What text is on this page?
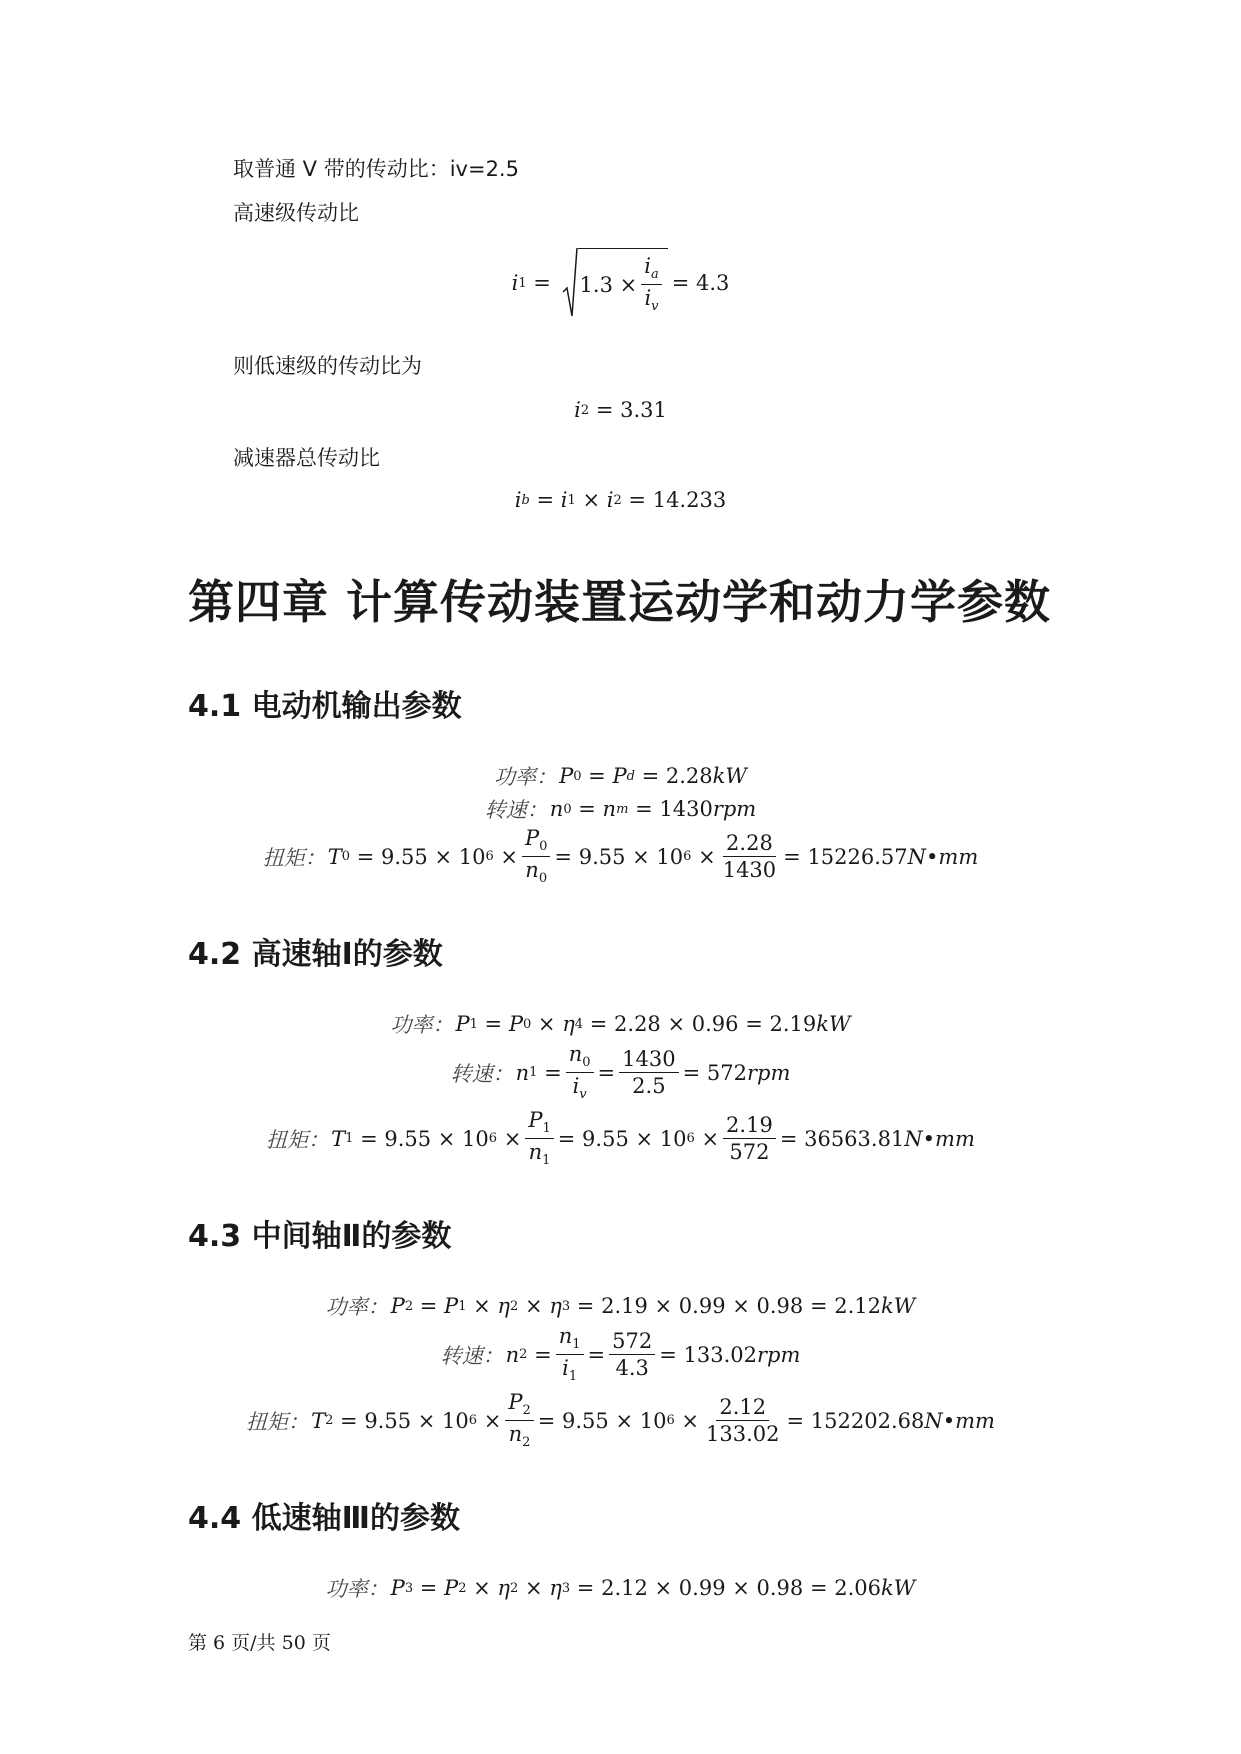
取普通 V 带的传动比：iv=2.5
高速级传动比
i $1 = 1.3 \times \frac{i_a}{i_v} = 4.3$
则低速级的传动比为
i 2 = 3.31
减速器总传动比
i b = i 1 × i 2 = 14.233
第四章 计算传动装置运动学和动力学参数
4.1 电动机输出参数
功率： P 0 = P d = 2.28 kW
转速： n 0 = n m = 1430 rpm
扭矩： T 0 = 9.55 × 10 $6 \times \frac{P_0}{n_0} = 9.55 \times 10$ $6 \times \frac{2.28}{1430} = 15226.57$ N•mm
4.2 高速轴Ⅰ的参数
功率： P 1 = P 0 × η 4 = 2.28 × 0.96 = 2.19 kW
转速： n $1 = \frac{n_0}{i_v} = \frac{1430}{2.5} = 572$ rpm
扭矩： T 1 = 9.55 × 10 $6 \times \frac{P_1}{n_1} = 9.55 \times 10$ $6 \times \frac{2.19}{572} = 36563.81$ N•mm
4.3 中间轴Ⅱ的参数
功率： P 2 = P 1 × η 2 × η 3 = 2.19 × 0.99 × 0.98 = 2.12 kW
转速： n $2 = \frac{n_1}{i_1} = \frac{572}{4.3} = 133.02$ rpm
扭矩： T 2 = 9.55 × 10 $6 \times \frac{P_2}{n_2} = 9.55 \times 10$ $6 \times \frac{2.12}{133.02} = 152202.68$ N•mm
4.4 低速轴Ⅲ的参数
功率： P 3 = P 2 × η 2 × η 3 = 2.12 × 0.99 × 0.98 = 2.06 kW
第 6 页/共 50 页
